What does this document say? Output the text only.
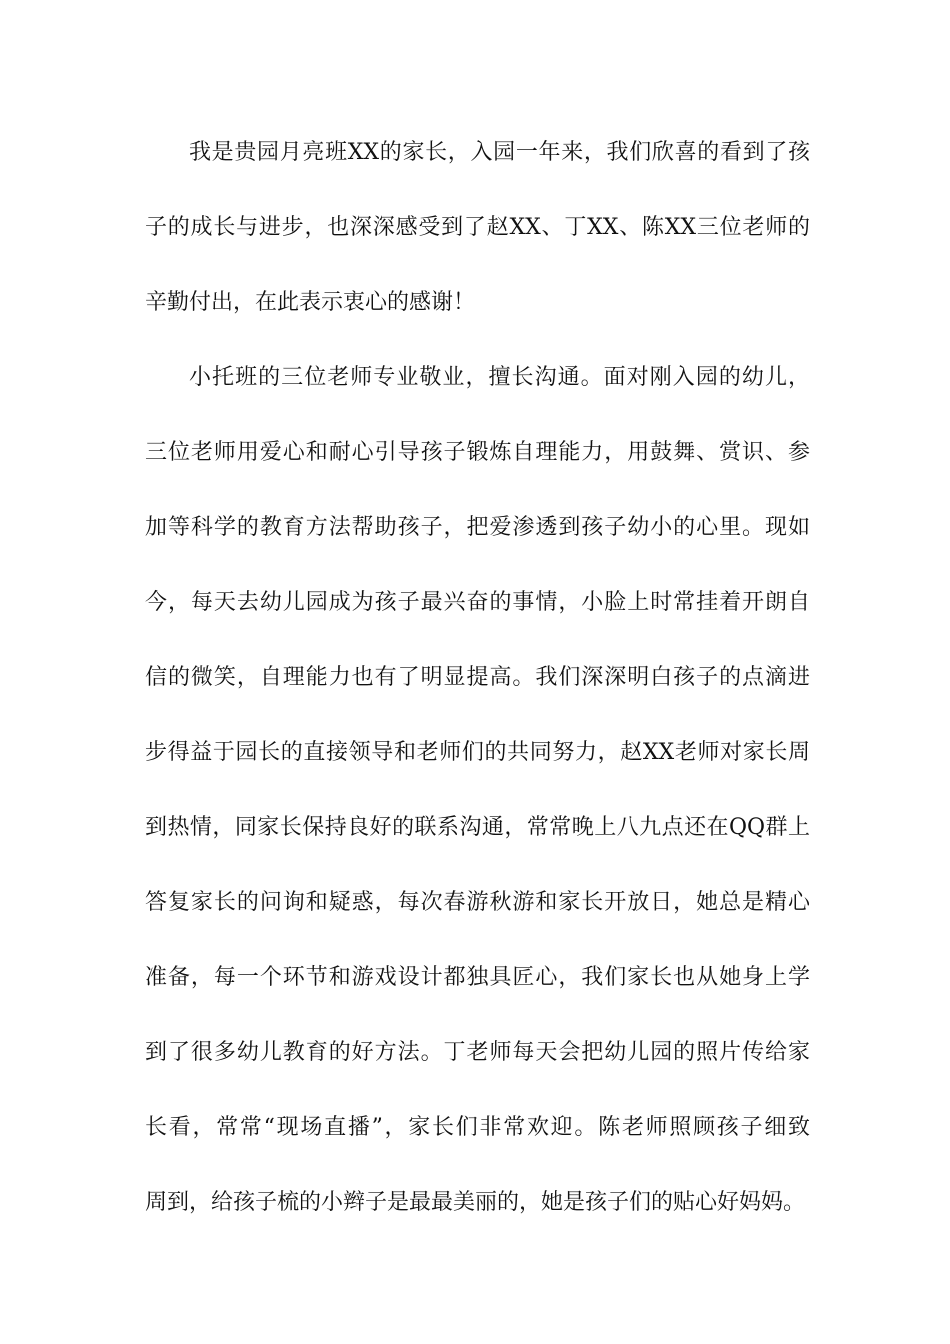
我是贵园月亮班XX的家长，入园一年来，我们欣喜的看到了孩
子的成长与进步，也深深感受到了赵XX、丁XX、陈XX三位老师的
辛勤付出，在此表示衷心的感谢！
小托班的三位老师专业敬业，擅长沟通。面对刚入园的幼儿，
三位老师用爱心和耐心引导孩子锻炼自理能力，用鼓舞、赏识、参
加等科学的教育方法帮助孩子，把爱渗透到孩子幼小的心里。现如
今，每天去幼儿园成为孩子最兴奋的事情，小脸上时常挂着开朗自
信的微笑，自理能力也有了明显提高。我们深深明白孩子的点滴进
步得益于园长的直接领导和老师们的共同努力，赵XX老师对家长周
到热情，同家长保持良好的联系沟通，常常晚上八九点还在QQ群上
答复家长的问询和疑惑，每次春游秋游和家长开放日，她总是精心
准备，每一个环节和游戏设计都独具匠心，我们家长也从她身上学
到了很多幼儿教育的好方法。丁老师每天会把幼儿园的照片传给家
长看，常常“现场直播”，家长们非常欢迎。陈老师照顾孩子细致
周到，给孩子梳的小辫子是最最美丽的，她是孩子们的贴心好妈妈。
